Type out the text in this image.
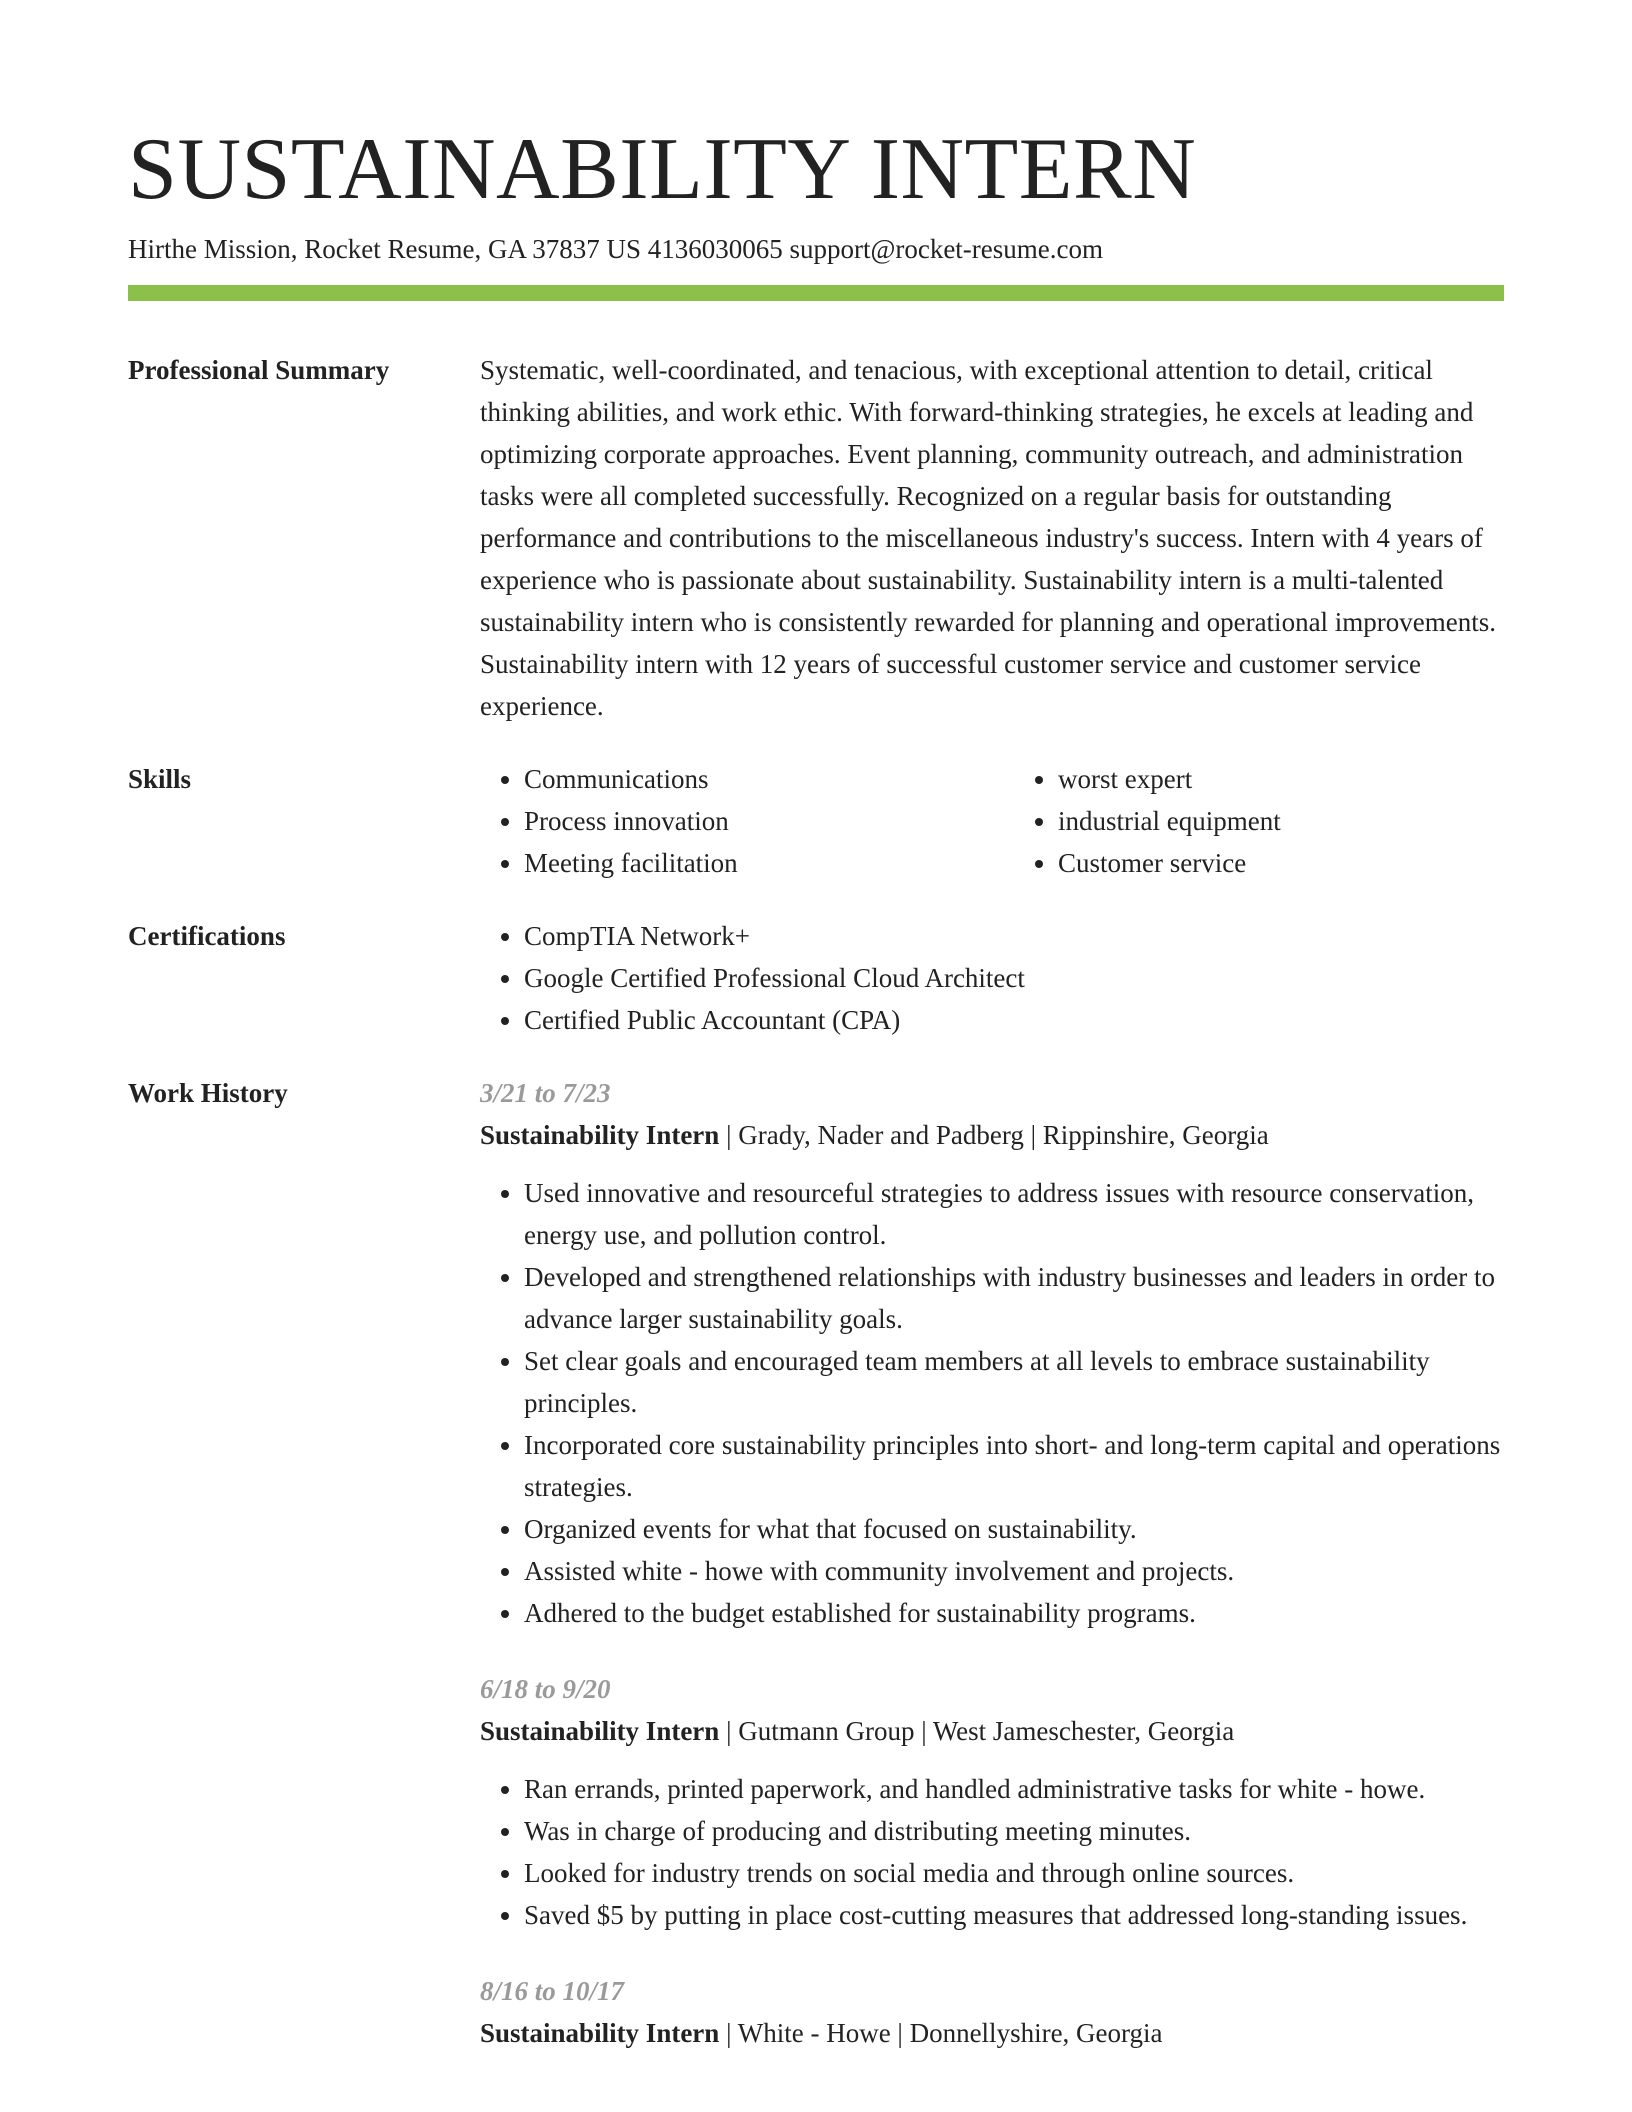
SUSTAINABILITY INTERN
Hirthe Mission, Rocket Resume, GA 37837 US 4136030065 support@rocket-resume.com
Professional Summary	Systematic, well-coordinated, and tenacious, with exceptional attention to detail, critical thinking abilities, and work ethic. With forward-thinking strategies, he excels at leading and optimizing corporate approaches. Event planning, community outreach, and administration tasks were all completed successfully. Recognized on a regular basis for outstanding performance and contributions to the miscellaneous industry's success. Intern with 4 years of experience who is passionate about sustainability. Sustainability intern is a multi-talented sustainability intern who is consistently rewarded for planning and operational improvements. Sustainability intern with 12 years of successful customer service and customer service experience.

Skills	• Communications
• Process innovation
• Meeting facilitation
• worst expert
• industrial equipment
• Customer service
Certifications	• CompTIA Network+
• Google Certified Professional Cloud Architect
• Certified Public Accountant (CPA)
Work History	3/21 to 7/23
Sustainability Intern | Grady, Nader and Padberg | Rippinshire, Georgia
• Used innovative and resourceful strategies to address issues with resource conservation, energy use, and pollution control.
• Developed and strengthened relationships with industry businesses and leaders in order to advance larger sustainability goals.
• Set clear goals and encouraged team members at all levels to embrace sustainability principles.
• Incorporated core sustainability principles into short- and long-term capital and operations strategies.
• Organized events for what that focused on sustainability.
• Assisted white - howe with community involvement and projects.
• Adhered to the budget established for sustainability programs.
6/18 to 9/20
Sustainability Intern | Gutmann Group | West Jameschester, Georgia
• Ran errands, printed paperwork, and handled administrative tasks for white - howe.
• Was in charge of producing and distributing meeting minutes.
• Looked for industry trends on social media and through online sources.
• Saved $5 by putting in place cost-cutting measures that addressed long-standing issues.
8/16 to 10/17
Sustainability Intern | White - Howe | Donnellyshire, Georgia
